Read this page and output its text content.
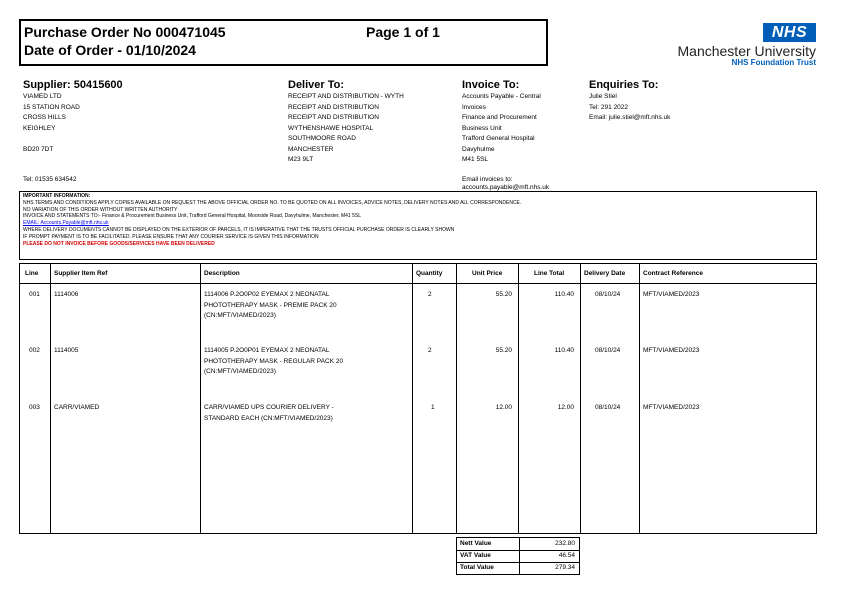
Purchase Order No 000471045	Page 1 of 1
Date of Order - 01/10/2024
NHS
Manchester University
NHS Foundation Trust
Supplier: 50415600
VIAMED LTD
15 STATION ROAD
CROSS HILLS
KEIGHLEY
BD20 7DT
Tel: 01535 634542
Deliver To:
RECEIPT AND DISTRIBUTION - WYTH
RECEIPT AND DISTRIBUTION
RECEIPT AND DISTRIBUTION
WYTHENSHAWE HOSPITAL
SOUTHMOORE ROAD
MANCHESTER
M23 9LT
Invoice To:
Accounts Payable - Central
Invoices
Finance and Procurement
Business Unit
Trafford General Hospital
Davyhulme
M41 5SL
Email invoices to:
accounts.payable@mft.nhs.uk
Enquiries To:
Julie Stiel
Tel: 291 2022
Email: julie.stiel@mft.nhs.uk
IMPORTANT INFORMATION:
NHS TERMS AND CONDITIONS APPLY COPIES AVAILABLE ON REQUEST THE ABOVE OFFICIAL ORDER NO. TO BE QUOTED ON ALL INVOICES, ADVICE NOTES, DELIVERY NOTES AND ALL CORRESPONDENCE.
NO VARIATION OF THIS ORDER WITHOUT WRITTEN AUTHORITY
INVOICE AND STATEMENTS TO:- Finance & Procurement Business Unit, Trafford General Hospital, Moorside Road, Davyhulme, Manchester, M41 5SL
EMAIL: Accounts.Payable@mft.nhs.uk
WHERE DELIVERY DOCUMENTS CANNOT BE DISPLAYED ON THE EXTERIOR OF PARCELS, IT IS IMPERATIVE THAT THE TRUSTS OFFICIAL PURCHASE ORDER IS CLEARLY SHOWN
IF PROMPT PAYMENT IS TO BE FACILITATED. PLEASE ENSURE THAT ANY COURIER SERVICE IS GIVEN THIS INFORMATION
PLEASE DO NOT INVOICE BEFORE GOODS/SERVICES HAVE BEEN DELIVERED
Line Supplier Item Ref	Description	Quantity	Unit Price	Line Total	Delivery Date	Contract Reference
001 1114006	1114006 P.2O0P02 EYEMAX 2 NEONATAL
PHOTOTHERAPY MASK - PREMIE PACK 20
(CN:MFT/VIAMED/2023)
2	55.20	110.40	08/10/24	MFT/VIAMED/2023
002 1114005	1114005 P.2O0P01 EYEMAX 2 NEONATAL
PHOTOTHERAPY MASK - REGULAR PACK 20
(CN:MFT/VIAMED/2023)
2	55.20	110.40	08/10/24	MFT/VIAMED/2023
003 CARR/VIAMED	CARR/VIAMED UPS COURIER DELIVERY -
STANDARD EACH (CN:MFT/VIAMED/2023)
1	12.00	12.00	08/10/24	MFT/VIAMED/2023
Nett Value	232.80
VAT Value	46.54
Total Value	279.34
